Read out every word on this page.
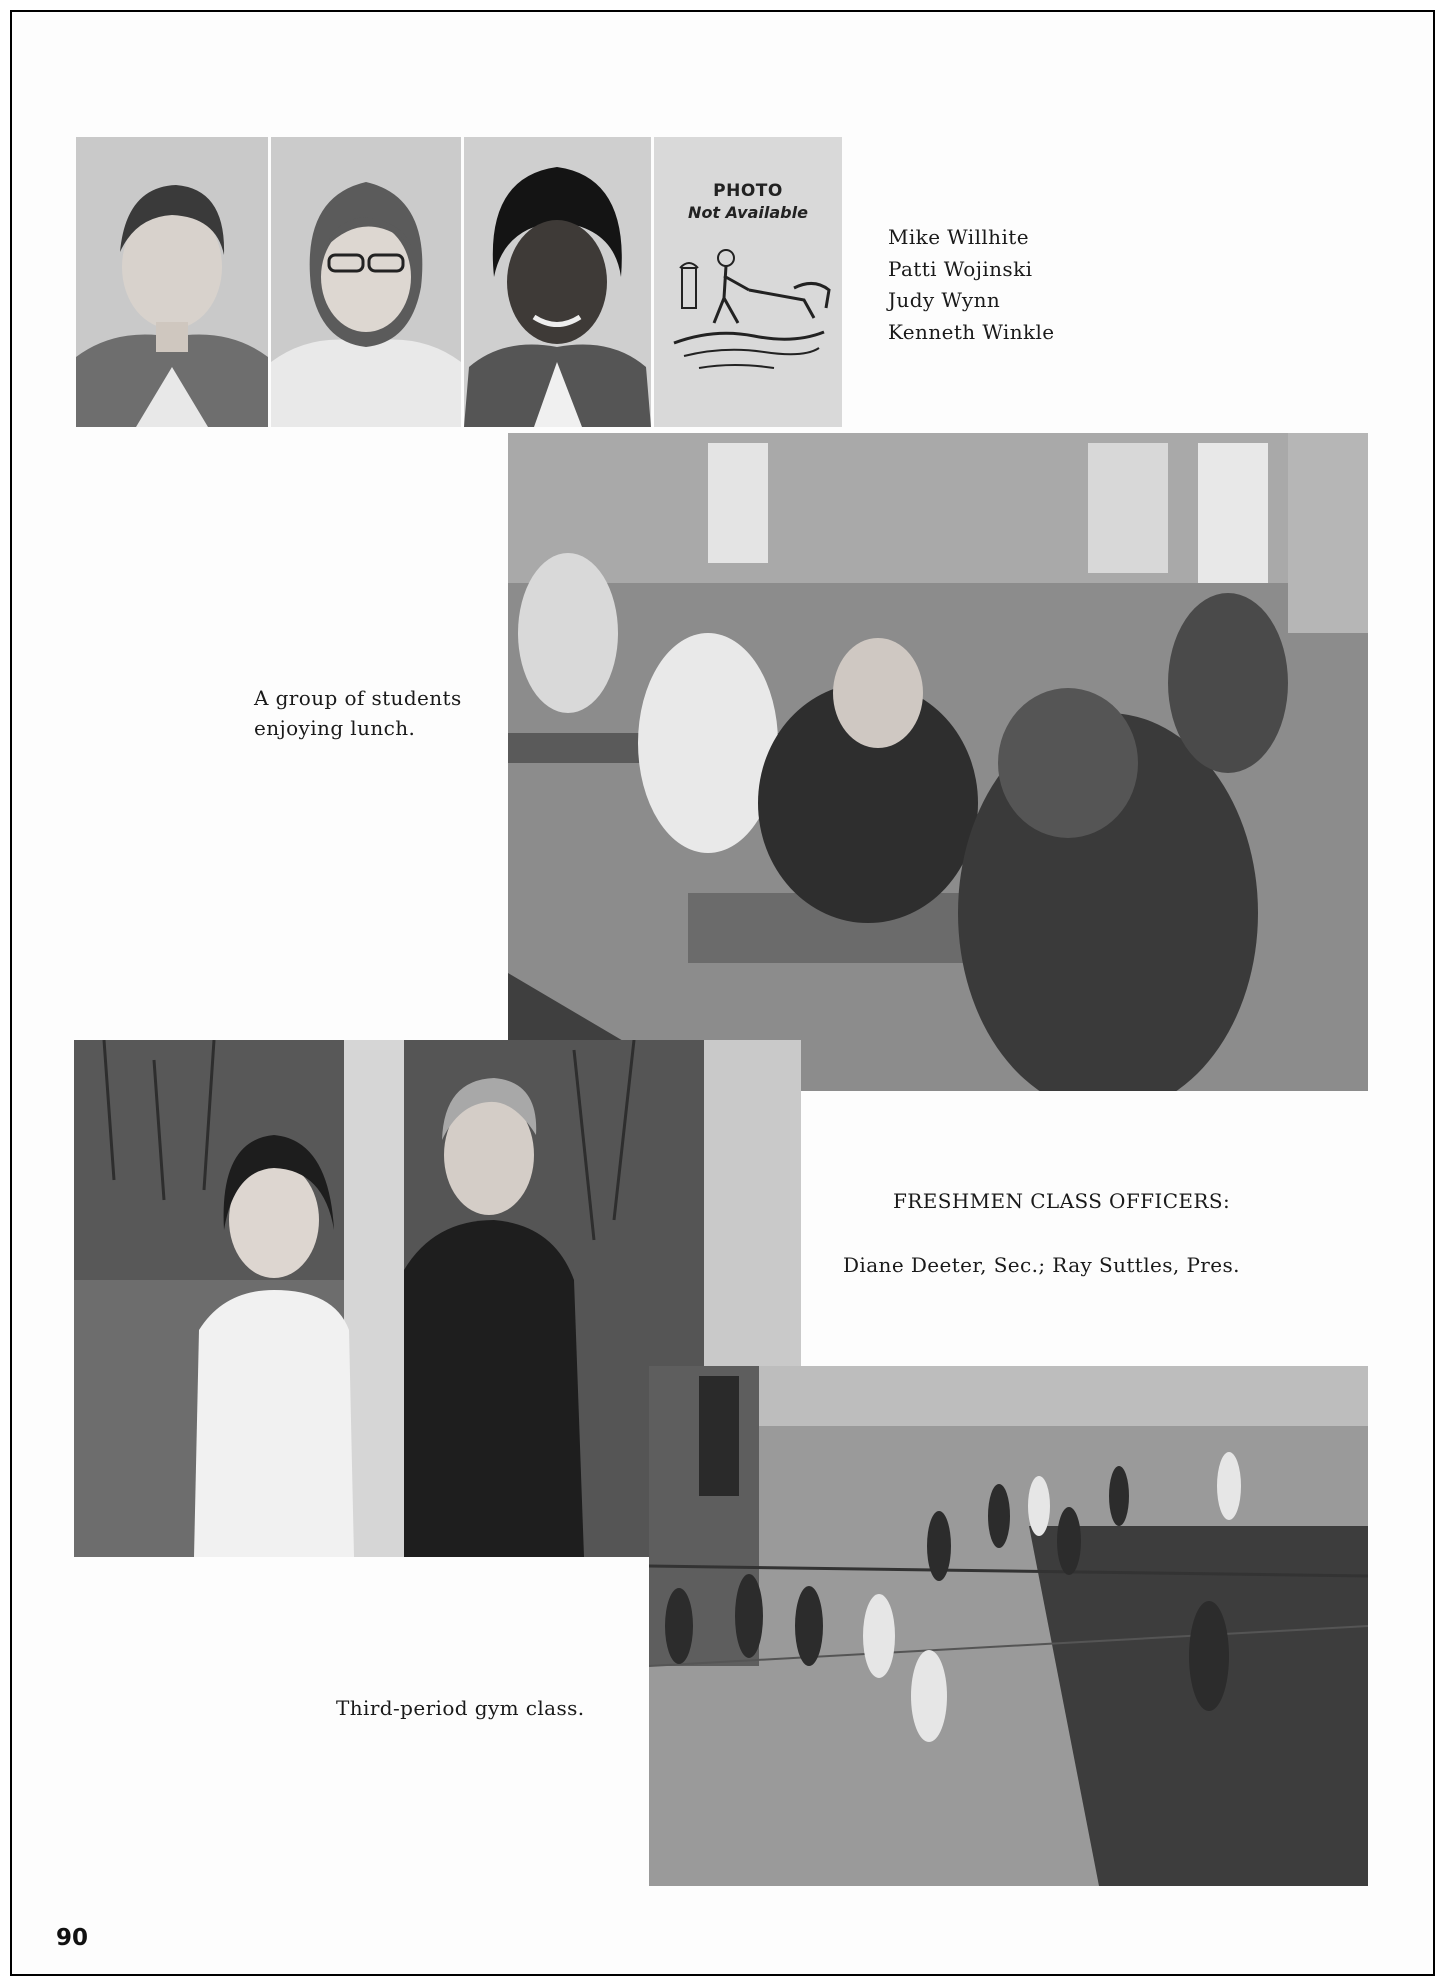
PHOTO
Not Available
Mike Willhite
Patti Wojinski
Judy Wynn
Kenneth Winkle
A group of students
enjoying lunch.
FRESHMEN CLASS OFFICERS:
Diane Deeter, Sec.; Ray Suttles, Pres.
Third-period gym class.
90
